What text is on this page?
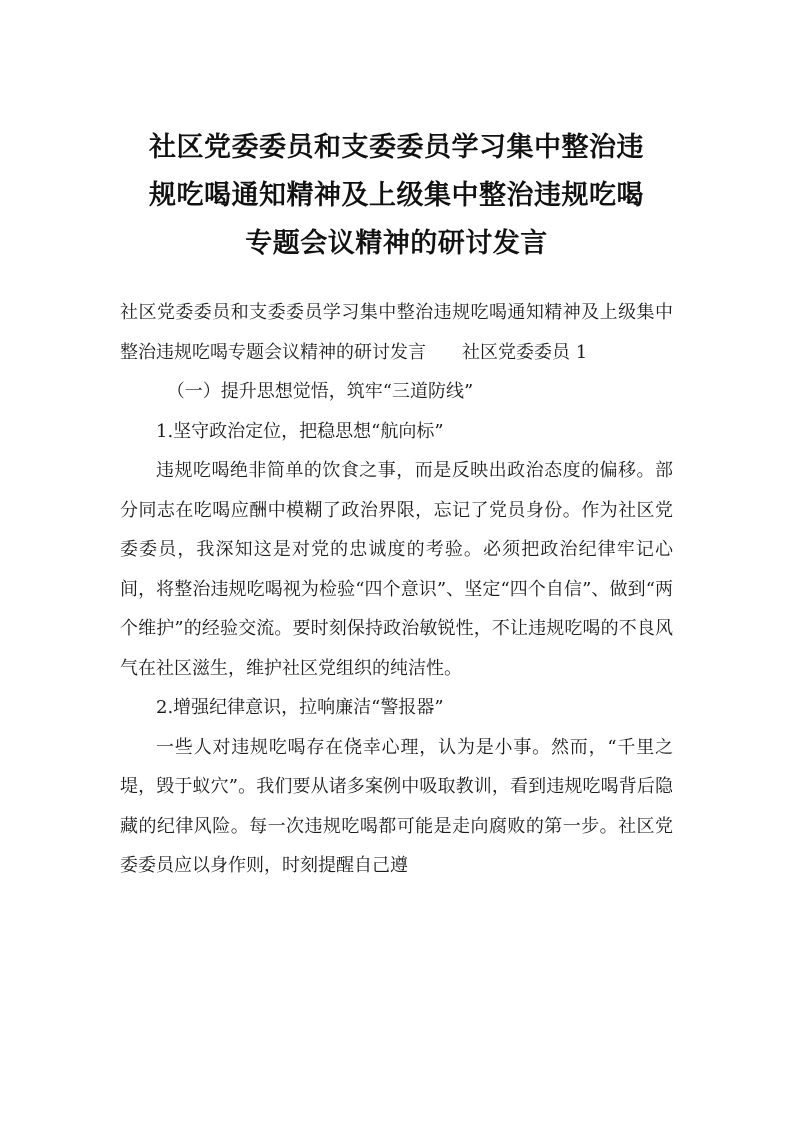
社区党委委员和支委委员学习集中整治违
规吃喝通知精神及上级集中整治违规吃喝
专题会议精神的研讨发言

社区党委委员和支委委员学习集中整治违规吃喝通知精神及上级集中整治违规吃喝专题会议精神的研讨发言　　社区党委委员 1

（一）提升思想觉悟，筑牢“三道防线”

1.坚守政治定位，把稳思想“航向标”

违规吃喝绝非简单的饮食之事，而是反映出政治态度的偏移。部分同志在吃喝应酬中模糊了政治界限，忘记了党员身份。作为社区党委委员，我深知这是对党的忠诚度的考验。必须把政治纪律牢记心间，将整治违规吃喝视为检验“四个意识”、坚定“四个自信”、做到“两个维护”的经验交流。要时刻保持政治敏锐性，不让违规吃喝的不良风气在社区滋生，维护社区党组织的纯洁性。

2.增强纪律意识，拉响廉洁“警报器”

一些人对违规吃喝存在侥幸心理，认为是小事。然而，“千里之堤，毁于蚁穴”。我们要从诸多案例中吸取教训，看到违规吃喝背后隐藏的纪律风险。每一次违规吃喝都可能是走向腐败的第一步。社区党委委员应以身作则，时刻提醒自己遵
